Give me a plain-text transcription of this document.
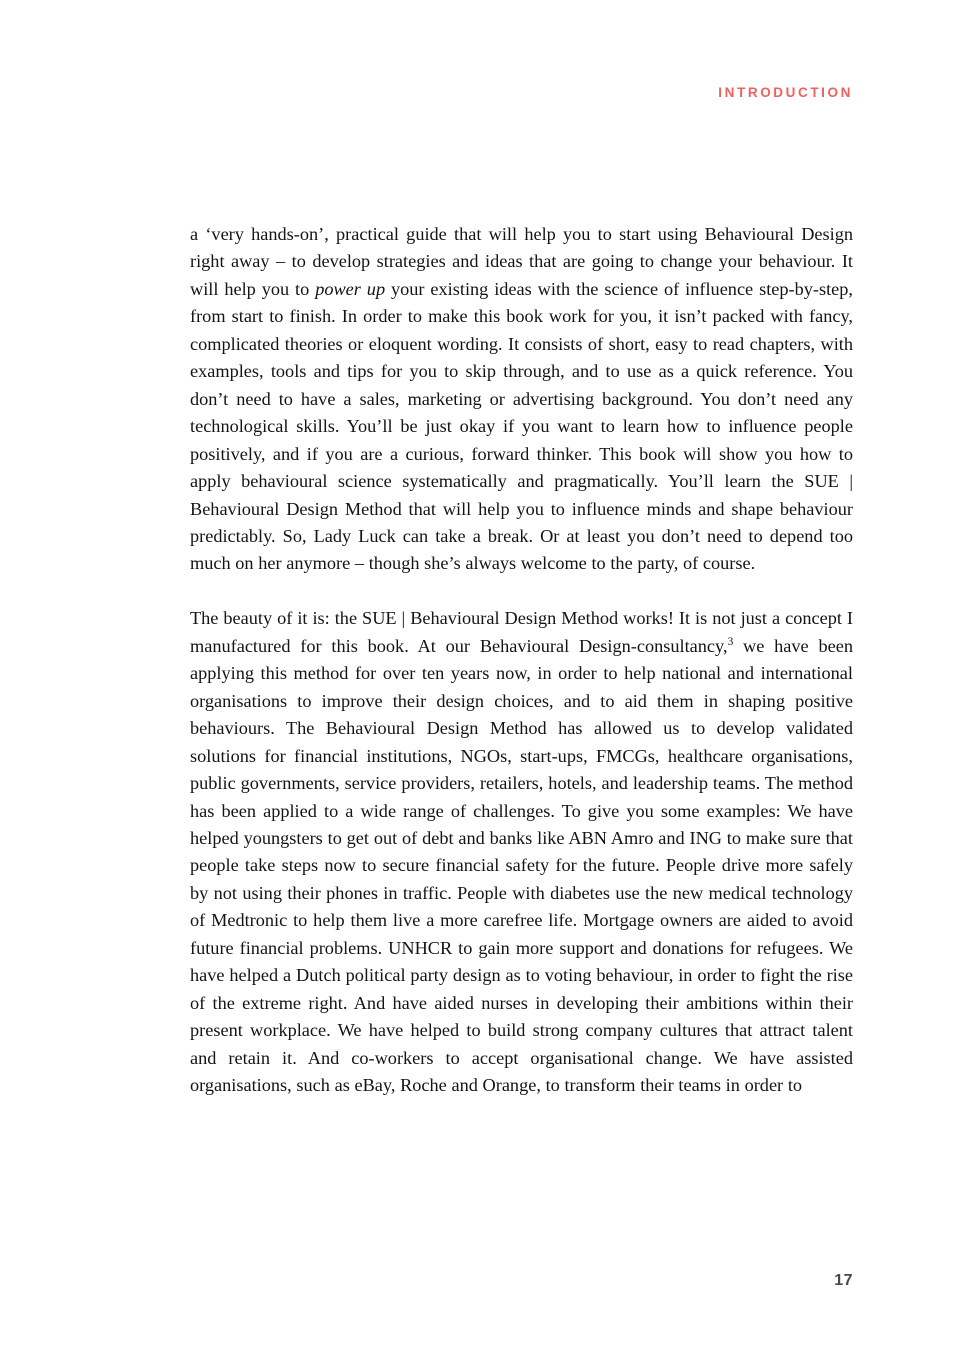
INTRODUCTION

a ‘very hands-on’, practical guide that will help you to start using Behavioural Design right away – to develop strategies and ideas that are going to change your behaviour. It will help you to power up your existing ideas with the science of influence step-by-step, from start to finish. In order to make this book work for you, it isn’t packed with fancy, complicated theories or eloquent wording. It consists of short, easy to read chapters, with examples, tools and tips for you to skip through, and to use as a quick reference. You don’t need to have a sales, marketing or advertising background. You don’t need any technological skills. You’ll be just okay if you want to learn how to influence people positively, and if you are a curious, forward thinker. This book will show you how to apply behavioural science systematically and pragmatically. You’ll learn the SUE | Behavioural Design Method that will help you to influence minds and shape behaviour predictably. So, Lady Luck can take a break. Or at least you don’t need to depend too much on her anymore – though she’s always welcome to the party, of course.

The beauty of it is: the SUE | Behavioural Design Method works! It is not just a concept I manufactured for this book. At our Behavioural Design-consultancy,$^3$ we have been applying this method for over ten years now, in order to help national and international organisations to improve their design choices, and to aid them in shaping positive behaviours. The Behavioural Design Method has allowed us to develop validated solutions for financial institutions, NGOs, start-ups, FMCGs, healthcare organisations, public governments, service providers, retailers, hotels, and leadership teams. The method has been applied to a wide range of challenges. To give you some examples: We have helped youngsters to get out of debt and banks like ABN Amro and ING to make sure that people take steps now to secure financial safety for the future. People drive more safely by not using their phones in traffic. People with diabetes use the new medical technology of Medtronic to help them live a more carefree life. Mortgage owners are aided to avoid future financial problems. UNHCR to gain more support and donations for refugees. We have helped a Dutch political party design as to voting behaviour, in order to fight the rise of the extreme right. And have aided nurses in developing their ambitions within their present workplace. We have helped to build strong company cultures that attract talent and retain it. And co-workers to accept organisational change. We have assisted organisations, such as eBay, Roche and Orange, to transform their teams in order to

17
